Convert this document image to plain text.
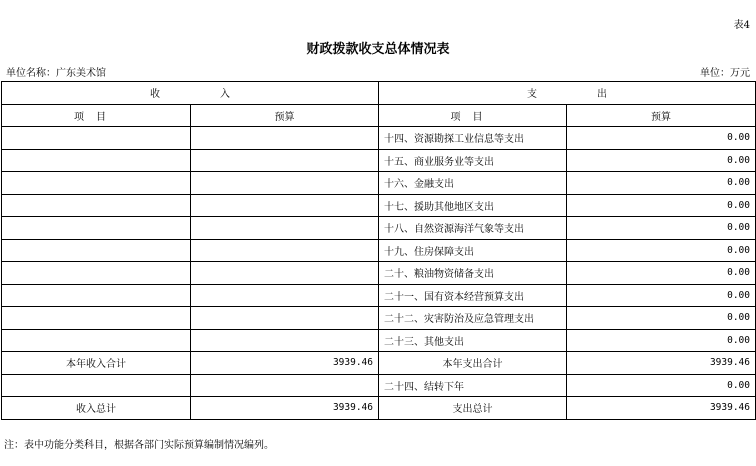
表4
财政拨款收支总体情况表
单位名称：广东美术馆	单位：万元
收入		支出	
项目	预算	项目	预算
		十四、资源勘探工业信息等支出	0.00
		十五、商业服务业等支出	0.00
		十六、金融支出	0.00
		十七、援助其他地区支出	0.00
		十八、自然资源海洋气象等支出	0.00
		十九、住房保障支出	0.00
		二十、粮油物资储备支出	0.00
		二十一、国有资本经营预算支出	0.00
		二十二、灾害防治及应急管理支出	0.00
		二十三、其他支出	0.00
本年收入合计	3939.46	本年支出合计	3939.46
		二十四、结转下年	0.00
收入总计	3939.46	支出总计	3939.46
注：表中功能分类科目，根据各部门实际预算编制情况编列。
